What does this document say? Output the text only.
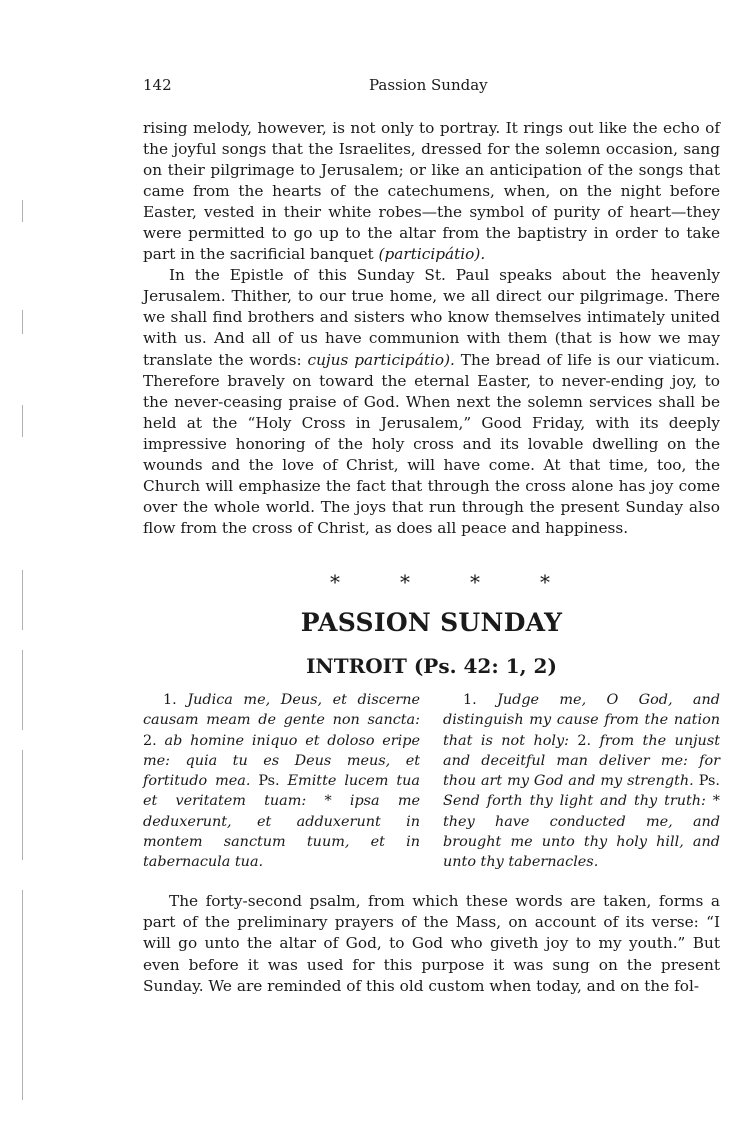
142	Passion Sunday

rising melody, however, is not only to portray. It rings out like the echo of the joyful songs that the Israelites, dressed for the solemn occasion, sang on their pilgrimage to Jerusalem; or like an anticipation of the songs that came from the hearts of the catechumens, when, on the night before Easter, vested in their white robes—the symbol of purity of heart—they were permitted to go up to the altar from the baptistry in order to take part in the sacrificial banquet (participátio).

In the Epistle of this Sunday St. Paul speaks about the heavenly Jerusalem. Thither, to our true home, we all direct our pilgrimage. There we shall find brothers and sisters who know themselves intimately united with us. And all of us have communion with them (that is how we may translate the words: cujus participátio). The bread of life is our viaticum. Therefore bravely on toward the eternal Easter, to never-ending joy, to the never-ceasing praise of God. When next the solemn services shall be held at the “Holy Cross in Jerusalem,” Good Friday, with its deeply impressive honoring of the holy cross and its lovable dwelling on the wounds and the love of Christ, will have come. At that time, too, the Church will emphasize the fact that through the cross alone has joy come over the whole world. The joys that run through the present Sunday also flow from the cross of Christ, as does all peace and happiness.

*	*	*	*
PASSION SUNDAY
INTROIT (Ps. 42: 1, 2)

1. Judica me, Deus, et discerne causam meam de gente non sancta: 2. ab homine iniquo et doloso eripe me: quia tu es Deus meus, et fortitudo mea. Ps. Emitte lucem tua et veritatem tuam: * ipsa me deduxerunt, et adduxerunt in montem sanctum tuum, et in tabernacula tua.

1. Judge me, O God, and distinguish my cause from the nation that is not holy: 2. from the unjust and deceitful man deliver me: for thou art my God and my strength. Ps. Send forth thy light and thy truth: * they have conducted me, and brought me unto thy holy hill, and unto thy tabernacles.

The forty-second psalm, from which these words are taken, forms a part of the preliminary prayers of the Mass, on account of its verse: “I will go unto the altar of God, to God who giveth joy to my youth.” But even before it was used for this purpose it was sung on the present Sunday. We are reminded of this old custom when today, and on the fol-
